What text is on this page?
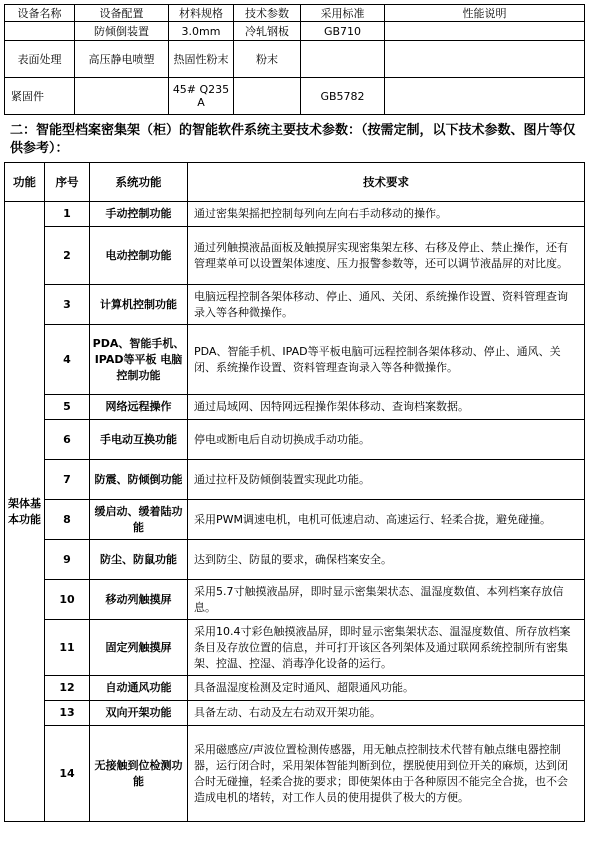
设备名称	设备配置	材料规格	技术参数	采用标准	性能说明
	防倾倒装置	3.0mm	冷轧钢板	GB710	
表面处理	高压静电喷塑	热固性粉末	粉末		
紧固件		45# Q235 A		GB5782	
二：智能型档案密集架（柜）的智能软件系统主要技术参数：（按需定制，以下技术参数、图片等仅供参考）：
功能	序号	系统功能	技术要求
架体基本功能	1	手动控制功能	通过密集架摇把控制每列向左向右手动移动的操作。
	2	电动控制功能	通过列触摸液晶面板及触摸屏实现密集架左移、右移及停止、禁止操作，还有管理菜单可以设置架体速度、压力报警参数等，还可以调节液晶屏的对比度。
	3	计算机控制功能	电脑远程控制各架体移动、停止、通风、关闭、系统操作设置、资料管理查询录入等各种微操作。
	4	PDA、智能手机、IPAD等平板 电脑控制功能	PDA、智能手机、IPAD等平板电脑可远程控制各架体移动、停止、通风、关闭、系统操作设置、资料管理查询录入等各种微操作。
	5	网络远程操作	通过局域网、因特网远程操作架体移动、查询档案数据。
	6	手电动互换功能	停电或断电后自动切换成手动功能。
	7	防震、防倾倒功能	通过拉杆及防倾倒装置实现此功能。
	8	缓启动、缓着陆功能	采用PWM调速电机，电机可低速启动、高速运行、轻柔合拢，避免碰撞。
	9	防尘、防鼠功能	达到防尘、防鼠的要求，确保档案安全。
	10	移动列触摸屏	采用5.7寸触摸液晶屏，即时显示密集架状态、温湿度数值、本列档案存放信息。
	11	固定列触摸屏	采用10.4寸彩色触摸液晶屏，即时显示密集架状态、温湿度数值、所存放档案条目及存放位置的信息，并可打开该区各列架体及通过联网系统控制所有密集架、控温、控湿、消毒净化设备的运行。
	12	自动通风功能	具备温湿度检测及定时通风、超限通风功能。
	13	双向开架功能	具备左动、右动及左右动双开架功能。
	14	无接触到位检测功能	采用磁感应/声波位置检测传感器，用无触点控制技术代替有触点继电器控制器，运行闭合时，采用架体智能判断到位，摆脱使用到位开关的麻烦，达到闭合时无碰撞，轻柔合拢的要求；即使架体由于各种原因不能完全合拢，也不会造成电机的堵转，对工作人员的使用提供了极大的方便。
